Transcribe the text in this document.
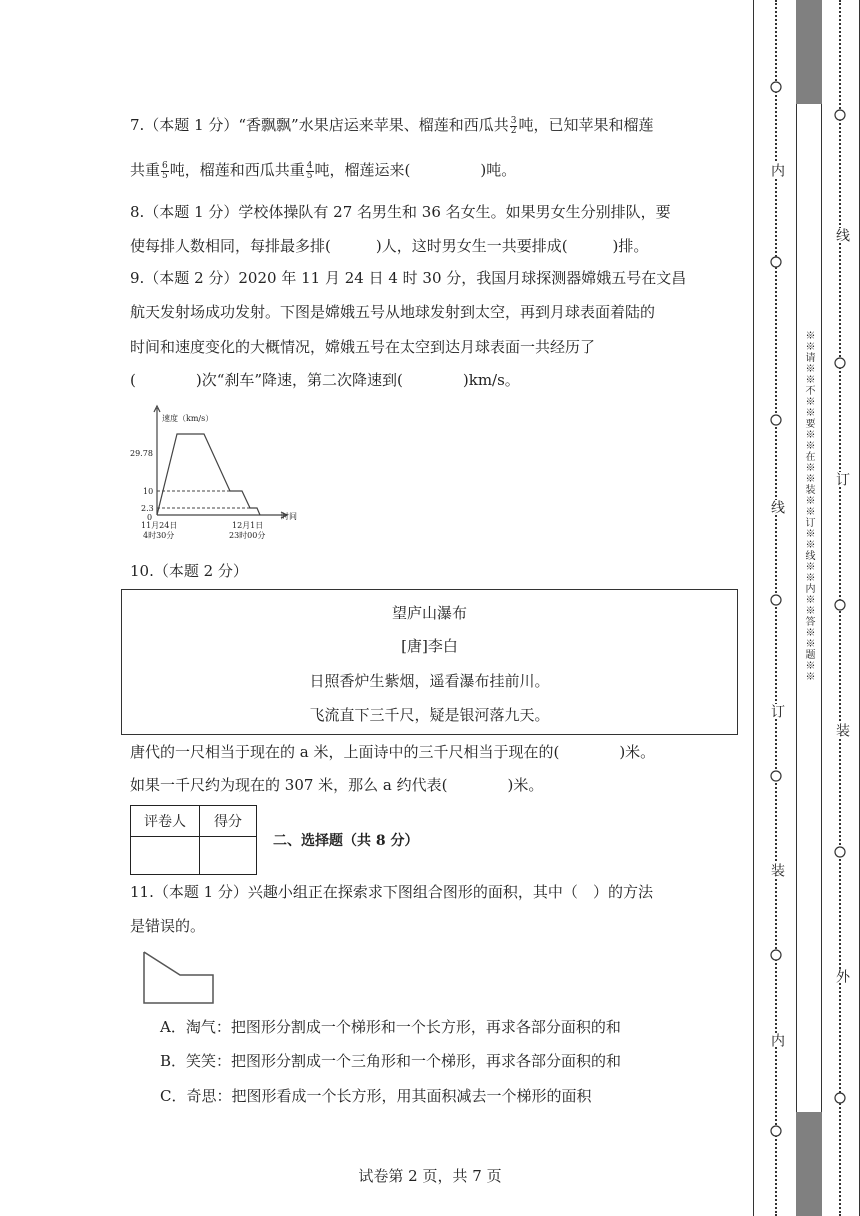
7.（本题 1 分）“香飘飘”水果店运来苹果、榴莲和西瓜共 $\frac{3}{2}$ 吨，已知苹果和榴莲
共重 $\frac{6}{5}$ 吨，榴莲和西瓜共重 $\frac{4}{5}$ 吨，榴莲运来(	)吨。
8.（本题 1 分）学校体操队有 27 名男生和 36 名女生。如果男女生分别排队，要
使每排人数相同，每排最多排(　　　)人，这时男女生一共要排成(　　　)排。
9.（本题 2 分）2020 年 11 月 24 日 4 时 30 分，我国月球探测器嫦娥五号在文昌
航天发射场成功发射。下图是嫦娥五号从地球发射到太空，再到月球表面着陆的
时间和速度变化的大概情况，嫦娥五号在太空到达月球表面一共经历了
(　　　　)次“刹车”降速，第二次降速到(　　　　)km/s。
速度（km/s）
29.78
10
2.3
0	时间
11月24日
4时30分
12月1日
23时00分
10.（本题 2 分）
望庐山瀑布
[唐]李白
日照香炉生紫烟，遥看瀑布挂前川。
飞流直下三千尺，疑是银河落九天。
唐代的一尺相当于现在的 a 米，上面诗中的三千尺相当于现在的(　　　　)米。
如果一千尺约为现在的 307 米，那么 a 约代表(　　　　)米。
评卷人	得分

二、选择题（共 8 分）
11.（本题 1 分）兴趣小组正在探索求下图组合图形的面积，其中（　）的方法
是错误的。
A．淘气：把图形分割成一个梯形和一个长方形，再求各部分面积的和
B．笑笑：把图形分割成一个三角形和一个梯形，再求各部分面积的和
C．奇思：把图形看成一个长方形，用其面积减去一个梯形的面积
试卷第 2 页，共 7 页
内
线
订
装
内
※※请※※不※※要※※在※※装※※订※※线※※内※※答※※题※※
线
订
装
外
